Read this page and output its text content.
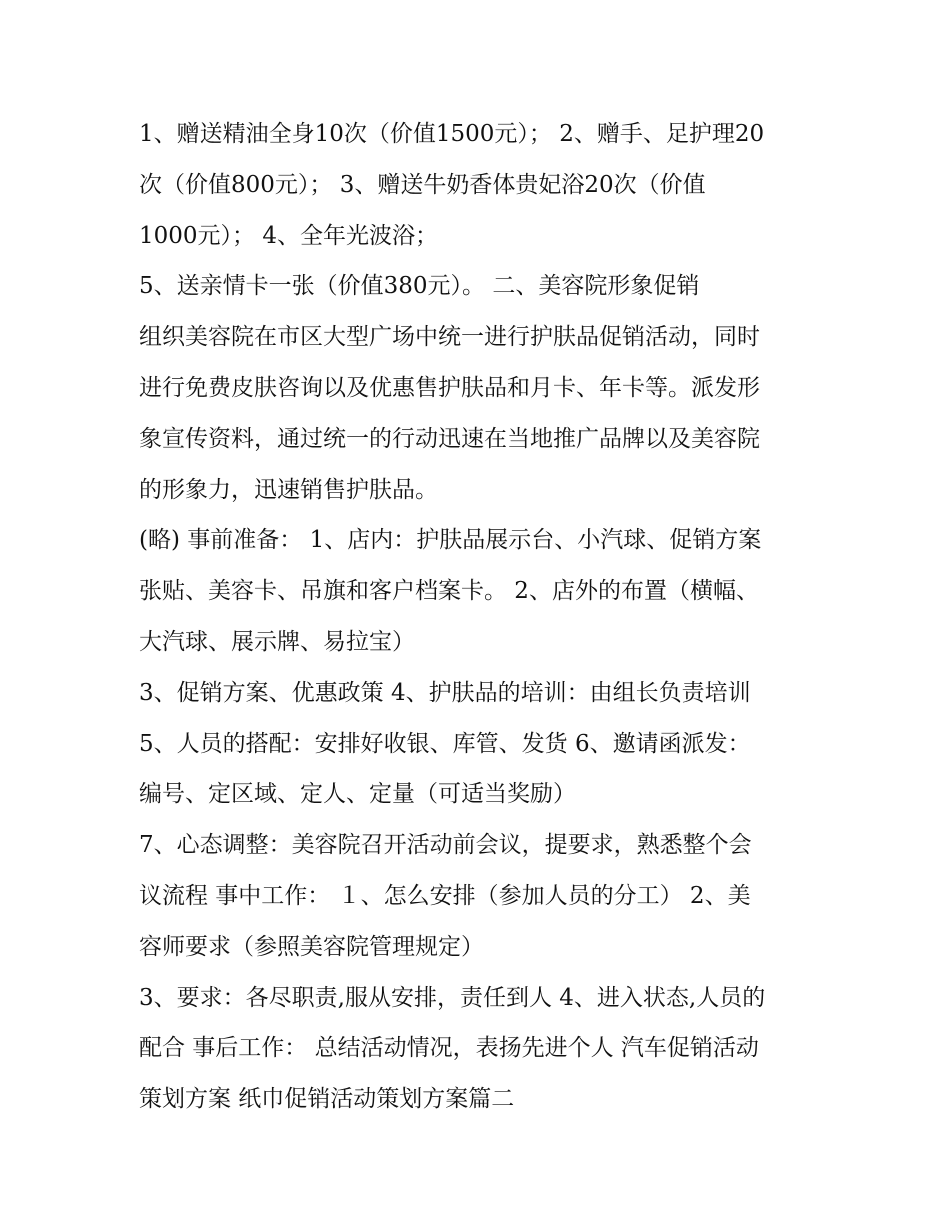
1、赠送精油全身10次（价值1500元）； 2、赠手、足护理20
次（价值800元）； 3、赠送牛奶香体贵妃浴20次（价值
1000元）； 4、全年光波浴；
5、送亲情卡一张（价值380元）。 二、美容院形象促销
组织美容院在市区大型广场中统一进行护肤品促销活动，同时
进行免费皮肤咨询以及优惠售护肤品和月卡、年卡等。派发形
象宣传资料，通过统一的行动迅速在当地推广品牌以及美容院
的形象力，迅速销售护肤品。
(略) 事前准备： 1、店内：护肤品展示台、小汽球、促销方案
张贴、美容卡、吊旗和客户档案卡。 2、店外的布置（横幅、
大汽球、展示牌、易拉宝）
3、促销方案、优惠政策 4、护肤品的培训：由组长负责培训
5、人员的搭配：安排好收银、库管、发货 6、邀请函派发：
编号、定区域、定人、定量（可适当奖励）
7、心态调整：美容院召开活动前会议，提要求，熟悉整个会
议流程 事中工作： １、怎么安排（参加人员的分工） 2、美
容师要求（参照美容院管理规定）
3、要求：各尽职责,服从安排，责任到人 4、进入状态,人员的
配合 事后工作： 总结活动情况，表扬先进个人 汽车促销活动
策划方案 纸巾促销活动策划方案篇二
